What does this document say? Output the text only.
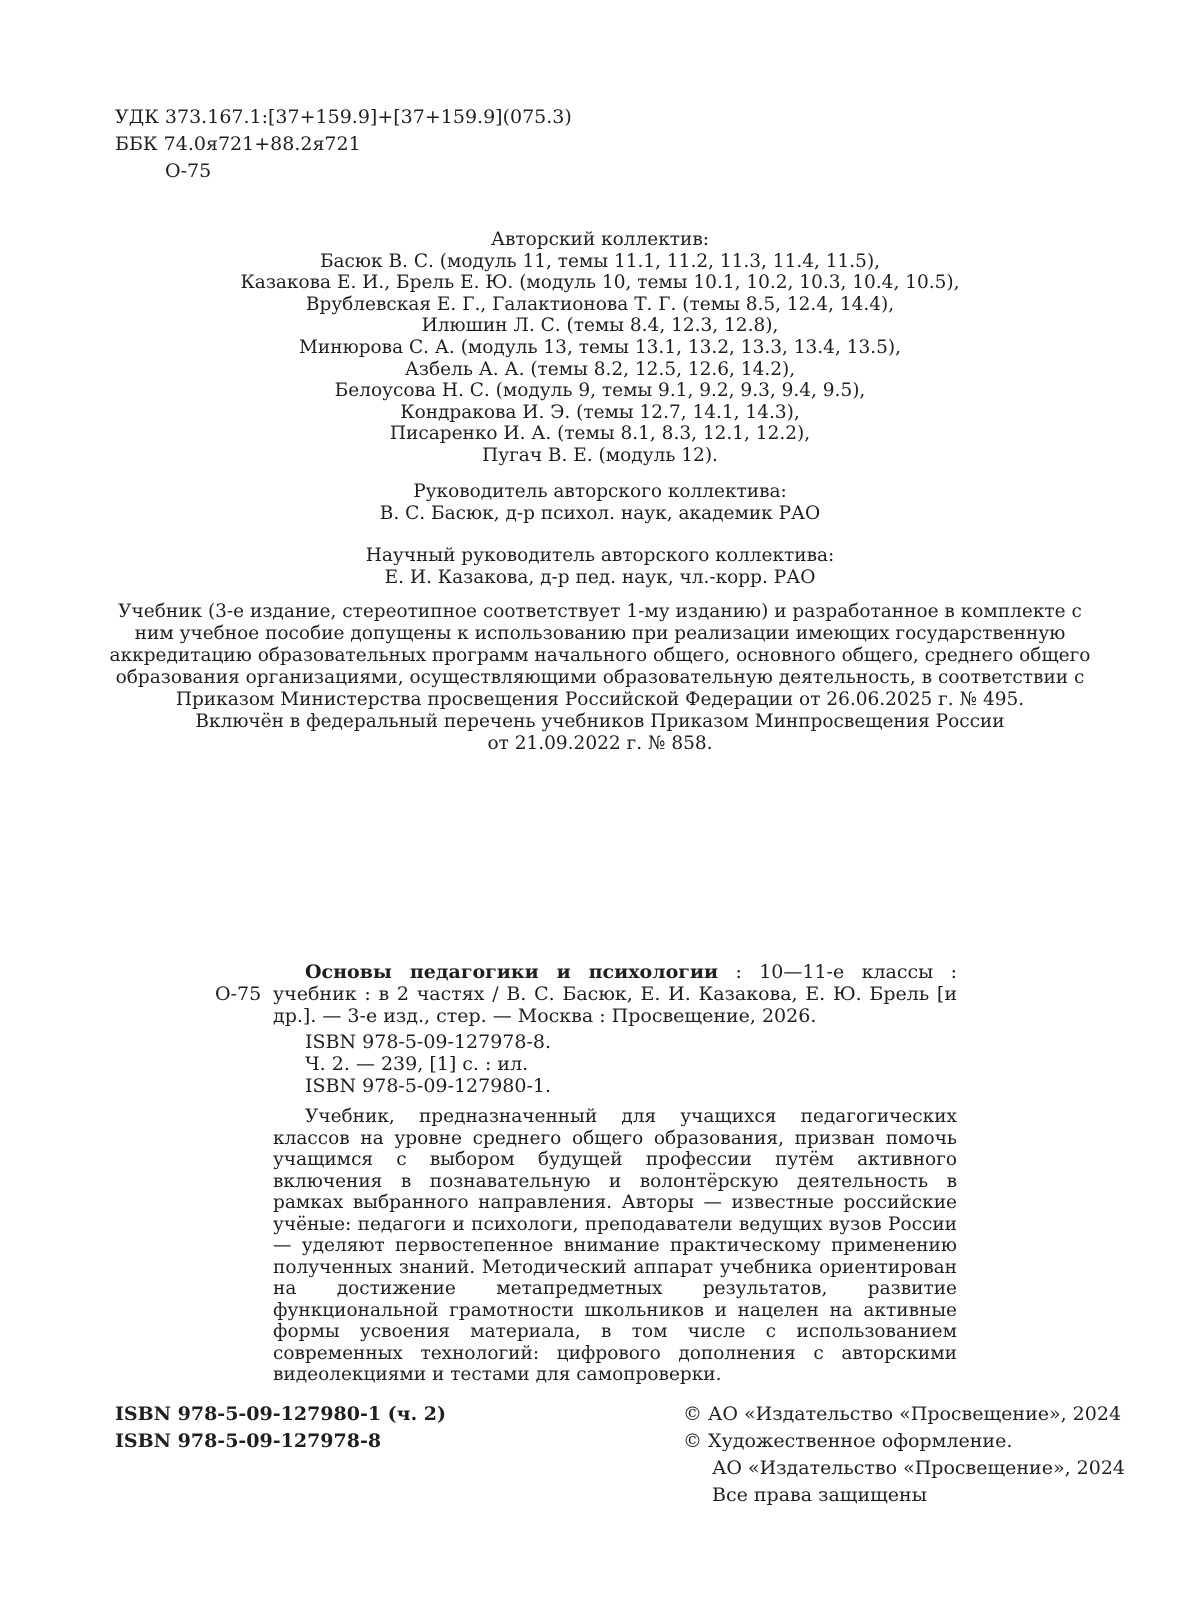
УДК 373.167.1:[37+159.9]+[37+159.9](075.3)
ББК 74.0я721+88.2я721
О-75
Авторский коллектив:
Басюк В. С. (модуль 11, темы 11.1, 11.2, 11.3, 11.4, 11.5),
Казакова Е. И., Брель Е. Ю. (модуль 10, темы 10.1, 10.2, 10.3, 10.4, 10.5),
Врублевская Е. Г., Галактионова Т. Г. (темы 8.5, 12.4, 14.4),
Илюшин Л. С. (темы 8.4, 12.3, 12.8),
Минюрова С. А. (модуль 13, темы 13.1, 13.2, 13.3, 13.4, 13.5),
Азбель А. А. (темы 8.2, 12.5, 12.6, 14.2),
Белоусова Н. С. (модуль 9, темы 9.1, 9.2, 9.3, 9.4, 9.5),
Кондракова И. Э. (темы 12.7, 14.1, 14.3),
Писаренко И. А. (темы 8.1, 8.3, 12.1, 12.2),
Пугач В. Е. (модуль 12).
Руководитель авторского коллектива:
В. С. Басюк, д-р психол. наук, академик РАО
Научный руководитель авторского коллектива:
Е. И. Казакова, д-р пед. наук, чл.-корр. РАО
Учебник (3-е издание, стереотипное соответствует 1-му изданию) и разработанное в комплекте с ним учебное пособие допущены к использованию при реализации имеющих государственную аккредитацию образовательных программ начального общего, основного общего, среднего общего образования организациями, осуществляющими образовательную деятельность, в соответствии с Приказом Министерства просвещения Российской Федерации от 26.06.2025 г. № 495.
Включён в федеральный перечень учебников Приказом Минпросвещения России
от 21.09.2022 г. № 858.
О-75

Основы педагогики и психологии : 10—11-е классы : учебник : в 2 частях / В. С. Басюк, Е. И. Казакова, Е. Ю. Брель [и др.]. — 3-е изд., стер. — Москва : Просвещение, 2026.

ISBN 978-5-09-127978-8.
Ч. 2. — 239, [1] с. : ил.
ISBN 978-5-09-127980-1.

Учебник, предназначенный для учащихся педагогических классов на уровне среднего общего образования, призван помочь учащимся с выбором будущей профессии путём активного включения в познавательную и волонтёрскую деятельность в рамках выбранного направления. Авторы — известные российские учёные: педагоги и психологи, преподаватели ведущих вузов России — уделяют первостепенное внимание практическому применению полученных знаний. Методический аппарат учебника ориентирован на достижение метапредметных результатов, развитие функциональной грамотности школьников и нацелен на активные формы усвоения материала, в том числе с использованием современных технологий: цифрового дополнения с авторскими видеолекциями и тестами для самопроверки.

ISBN 978-5-09-127980-1 (ч. 2)
ISBN 978-5-09-127978-8
© АО «Издательство «Просвещение», 2024
© Художественное оформление.
АО «Издательство «Просвещение», 2024
Все права защищены
